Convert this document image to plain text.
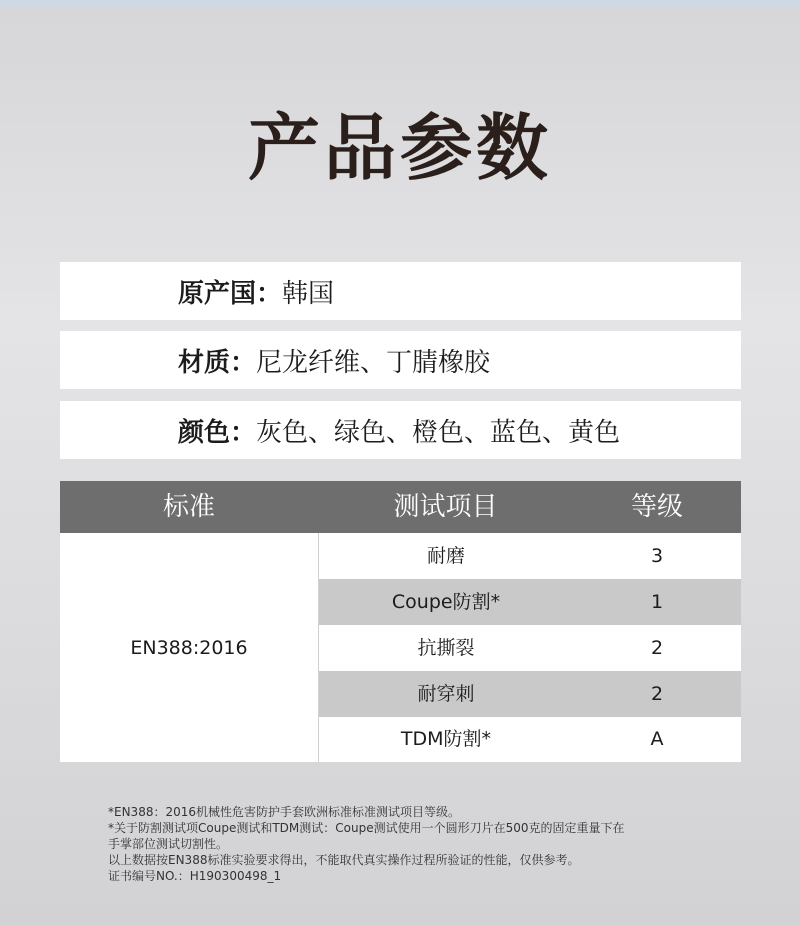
产品参数
原产国： 韩国
材质： 尼龙纤维、丁腈橡胶
颜色： 灰色、绿色、橙色、蓝色、黄色
标准	测试项目	等级
EN388:2016
耐磨	3
Coupe防割*	1
抗撕裂	2
耐穿刺	2
TDM防割*	A

*EN388：2016机械性危害防护手套欧洲标准标准测试项目等级。

*关于防割测试项Coupe测试和TDM测试：Coupe测试使用一个圆形刀片在500克的固定重量下在

手掌部位测试切割性。

以上数据按EN388标准实验要求得出，不能取代真实操作过程所验证的性能，仅供参考。

证书编号NO.：H190300498_1
